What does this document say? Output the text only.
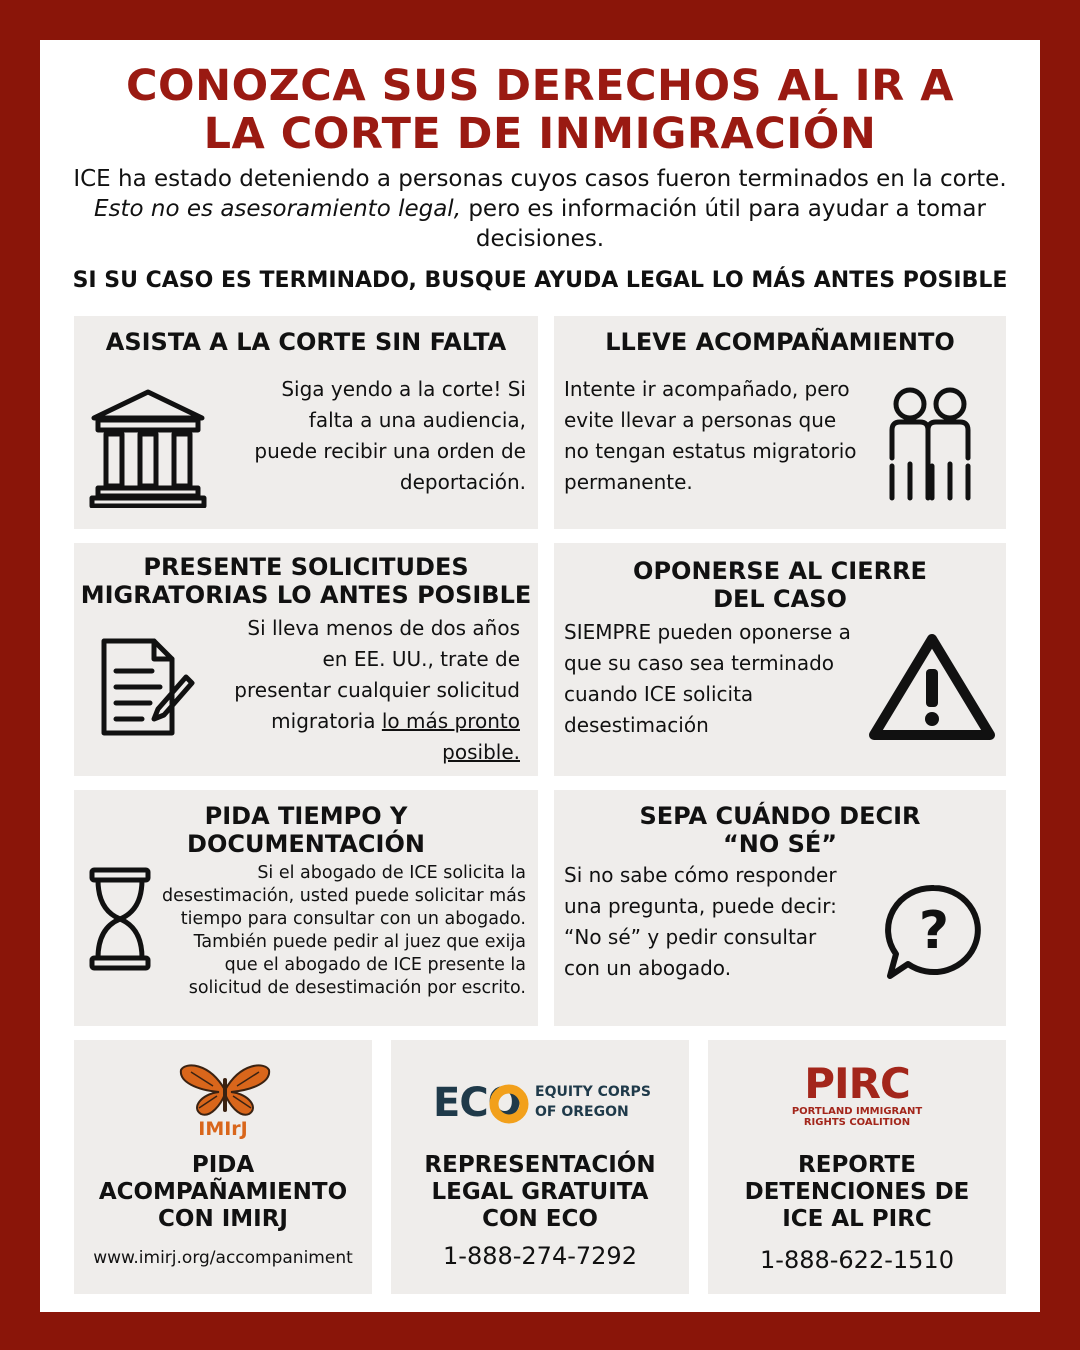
CONOZCA SUS DERECHOS AL IR A
LA CORTE DE INMIGRACIÓN

ICE ha estado deteniendo a personas cuyos casos fueron terminados en la corte.
Esto no es asesoramiento legal, pero es información útil para ayudar a tomar decisiones.

SI SU CASO ES TERMINADO, BUSQUE AYUDA LEGAL LO MÁS ANTES POSIBLE

ASISTA A LA CORTE SIN FALTA

Siga yendo a la corte! Si falta a una audiencia, puede recibir una orden de deportación.

LLEVE ACOMPAÑAMIENTO

Intente ir acompañado, pero evite llevar a personas que no tengan estatus migratorio permanente.

PRESENTE SOLICITUDES
MIGRATORIAS LO ANTES POSIBLE

Si lleva menos de dos años en EE. UU., trate de presentar cualquier solicitud migratoria lo más pronto posible.

OPONERSE AL CIERRE
DEL CASO

SIEMPRE pueden oponerse a que su caso sea terminado cuando ICE solicita desestimación

PIDA TIEMPO Y
DOCUMENTACIÓN

Si el abogado de ICE solicita la desestimación, usted puede solicitar más tiempo para consultar con un abogado. También puede pedir al juez que exija que el abogado de ICE presente la solicitud de desestimación por escrito.

SEPA CUÁNDO DECIR
“NO SÉ”

Si no sabe cómo responder una pregunta, puede decir: “No sé” y pedir consultar con un abogado.

?
IMIrJ
PIDA
ACOMPAÑAMIENTO
CON IMIRJ
www.imirj.org/accompaniment
ECO EQUITY CORPS
OF OREGON
REPRESENTACIÓN
LEGAL GRATUITA
CON ECO
1-888-274-7292
PIRC
PORTLAND IMMIGRANT
RIGHTS COALITION
REPORTE
DETENCIONES DE
ICE AL PIRC
1-888-622-1510
